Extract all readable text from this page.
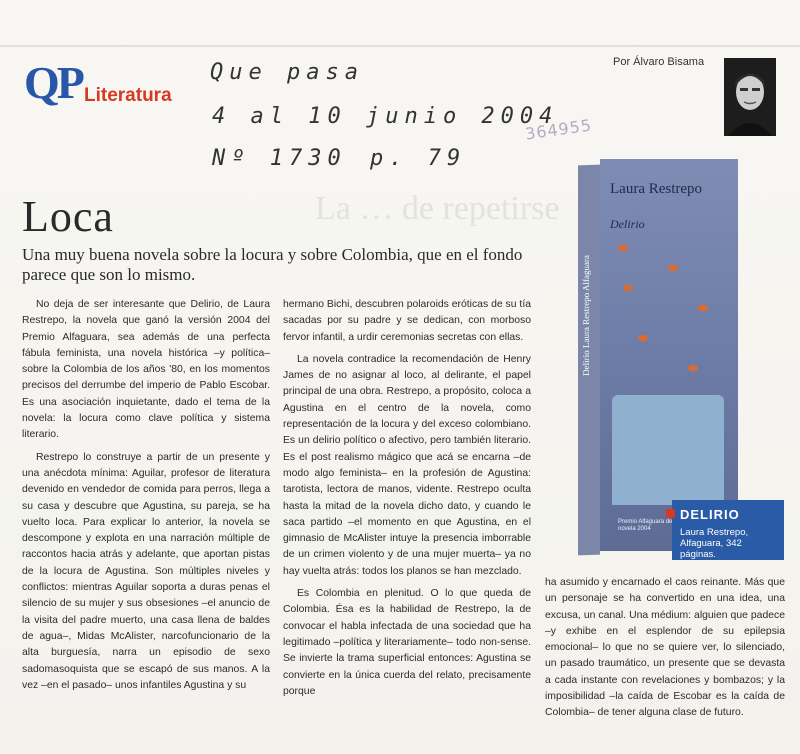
QP Literatura
Que pasa
4 al 10 junio 2004
Nº 1730 p. 79
364955
Por Álvaro Bisama
La … de repetirse
Loca
Una muy buena novela sobre la locura y sobre Colombia, que en el fondo parece que son lo mismo.

No deja de ser interesante que Delirio, de Laura Restrepo, la novela que ganó la versión 2004 del Premio Alfaguara, sea además de una perfecta fábula feminista, una novela histórica –y política– sobre la Colombia de los años '80, en los momentos precisos del derrumbe del imperio de Pablo Escobar. Es una asociación inquietante, dado el tema de la novela: la locura como clave política y sistema literario.

Restrepo lo construye a partir de un presente y una anécdota mínima: Aguilar, profesor de literatura devenido en vendedor de comida para perros, llega a su casa y descubre que Agustina, su pareja, se ha vuelto loca. Para explicar lo anterior, la novela se descompone y explota en una narración múltiple de raccontos hacia atrás y adelante, que aportan pistas de la locura de Agustina. Son múltiples niveles y conflictos: mientras Aguilar soporta a duras penas el silencio de su mujer y sus obsesiones –el anuncio de la visita del padre muerto, una casa llena de baldes de agua–, Midas McAlister, narcofuncionario de la alta burguesía, narra un episodio de sexo sadomasoquista que se escapó de sus manos. A la vez –en el pasado– unos infantiles Agustina y su

hermano Bichi, descubren polaroids eróticas de su tía sacadas por su padre y se dedican, con morboso fervor infantil, a urdir ceremonias secretas con ellas.

La novela contradice la recomendación de Henry James de no asignar al loco, al delirante, el papel principal de una obra. Restrepo, a propósito, coloca a Agustina en el centro de la novela, como representación de la locura y del exceso colombiano. Es un delirio político o afectivo, pero también literario. Es el post realismo mágico que acá se encarna –de modo algo feminista– en la profesión de Agustina: tarotista, lectora de manos, vidente. Restrepo oculta hasta la mitad de la novela dicho dato, y cuando le saca partido –el momento en que Agustina, en el gimnasio de McAlister intuye la presencia imborrable de un crimen violento y de una mujer muerta– ya no hay vuelta atrás: todos los planos se han mezclado.

Es Colombia en plenitud. O lo que queda de Colombia. Ésa es la habilidad de Restrepo, la de convocar el habla infectada de una sociedad que ha legitimado –política y literariamente– todo non-sense. Se invierte la trama superficial entonces: Agustina se convierte en la única cuerda del relato, precisamente porque

ha asumido y encarnado el caos reinante. Más que un personaje se ha convertido en una idea, una excusa, un canal. Una médium: alguien que padece –y exhibe en el esplendor de su epilepsia emocional– lo que no se quiere ver, lo silenciado, un pasado traumático, un presente que se devasta a cada instante con revelaciones y bombazos; y la imposibilidad –la caída de Escobar es la caída de Colombia– de tener alguna clase de futuro.

Delirio Laura Restrepo Alfaguara
Laura Restrepo
Delirio
Premio Alfaguara de novela 2004
DELIRIO
Laura Restrepo, Alfaguara, 342 páginas.
